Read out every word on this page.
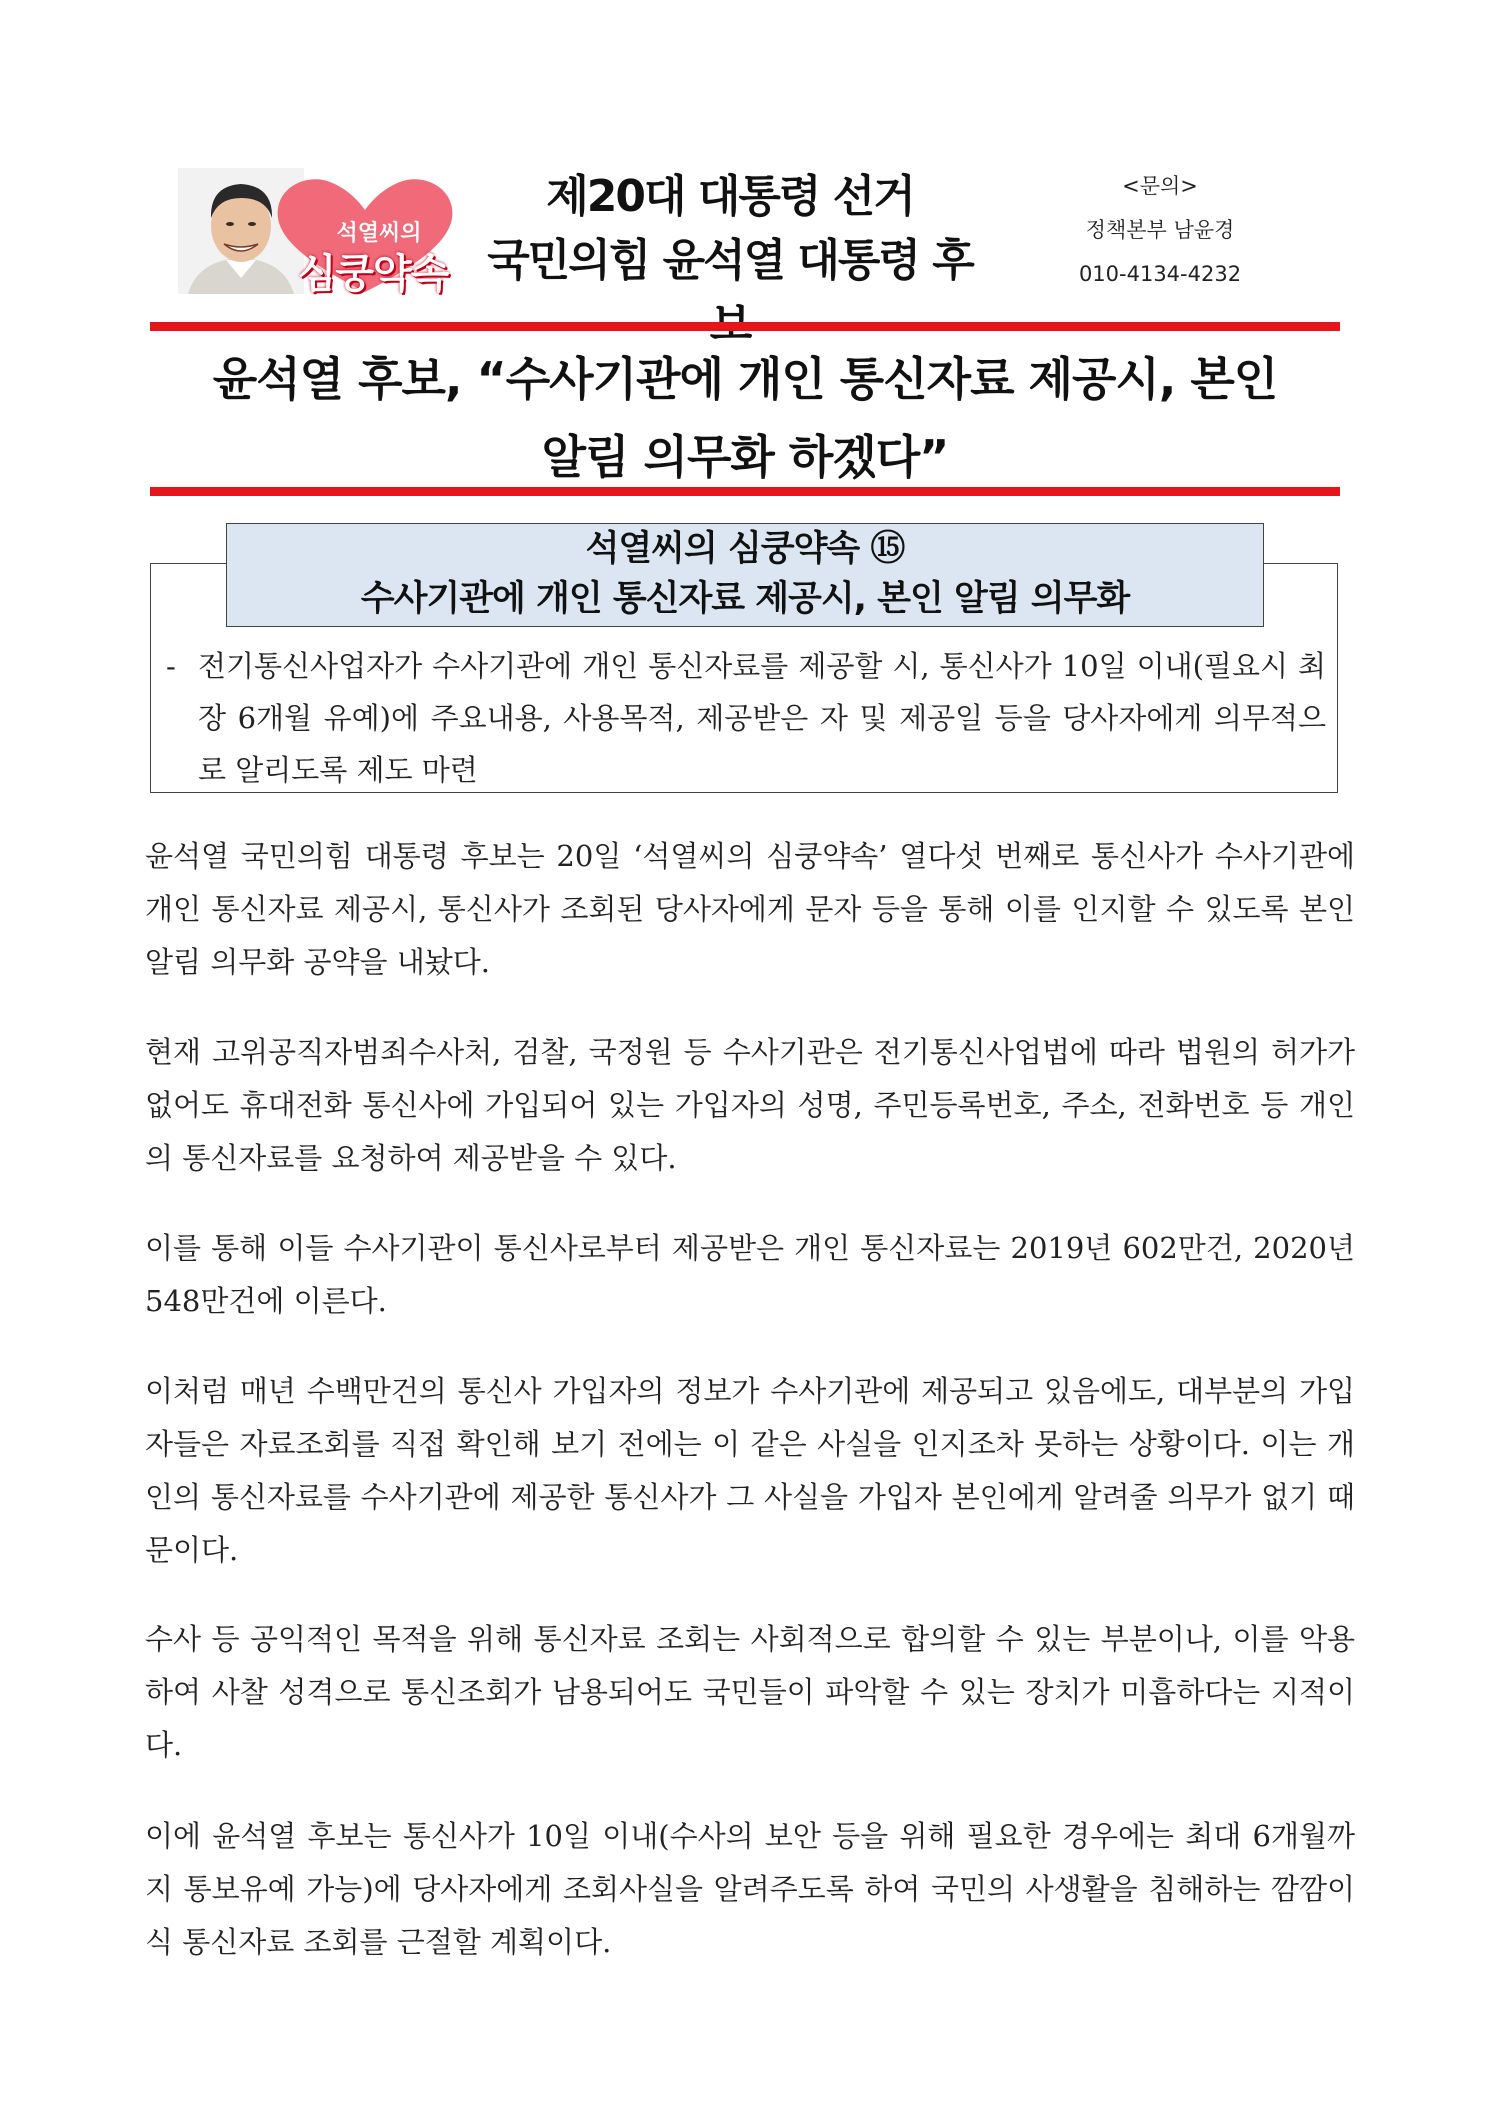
석열씨의
심쿵약속
제20대 대통령 선거
국민의힘 윤석열 대통령 후
<문의>
정책본부 남윤경
010-4134-4232
윤석열 후보, “수사기관에 개인 통신자료 제공시, 본인
알림 의무화 하겠다”
석열씨의 심쿵약속 ⑮
수사기관에 개인 통신자료 제공시, 본인 알림 의무화
- 전기통신사업자가 수사기관에 개인 통신자료를 제공할 시, 통신사가 10일 이내(필요시 최장 6개월 유예)에 주요내용, 사용목적, 제공받은 자 및 제공일 등을 당사자에게 의무적으로 알리도록 제도 마련
윤석열 국민의힘 대통령 후보는 20일 ‘석열씨의 심쿵약속’ 열다섯 번째로 통신사가 수사기관에 개인 통신자료 제공시, 통신사가 조회된 당사자에게 문자 등을 통해 이를 인지할 수 있도록 본인알림 의무화 공약을 내놨다.
현재 고위공직자범죄수사처, 검찰, 국정원 등 수사기관은 전기통신사업법에 따라 법원의 허가가 없어도 휴대전화 통신사에 가입되어 있는 가입자의 성명, 주민등록번호, 주소, 전화번호 등 개인의 통신자료를 요청하여 제공받을 수 있다.
이를 통해 이들 수사기관이 통신사로부터 제공받은 개인 통신자료는 2019년 602만건, 2020년 548만건에 이른다.
이처럼 매년 수백만건의 통신사 가입자의 정보가 수사기관에 제공되고 있음에도, 대부분의 가입자들은 자료조회를 직접 확인해 보기 전에는 이 같은 사실을 인지조차 못하는 상황이다. 이는 개인의 통신자료를 수사기관에 제공한 통신사가 그 사실을 가입자 본인에게 알려줄 의무가 없기 때문이다.
수사 등 공익적인 목적을 위해 통신자료 조회는 사회적으로 합의할 수 있는 부분이나, 이를 악용하여 사찰 성격으로 통신조회가 남용되어도 국민들이 파악할 수 있는 장치가 미흡하다는 지적이다.
이에 윤석열 후보는 통신사가 10일 이내(수사의 보안 등을 위해 필요한 경우에는 최대 6개월까지 통보유예 가능)에 당사자에게 조회사실을 알려주도록 하여 국민의 사생활을 침해하는 깜깜이식 통신자료 조회를 근절할 계획이다.
